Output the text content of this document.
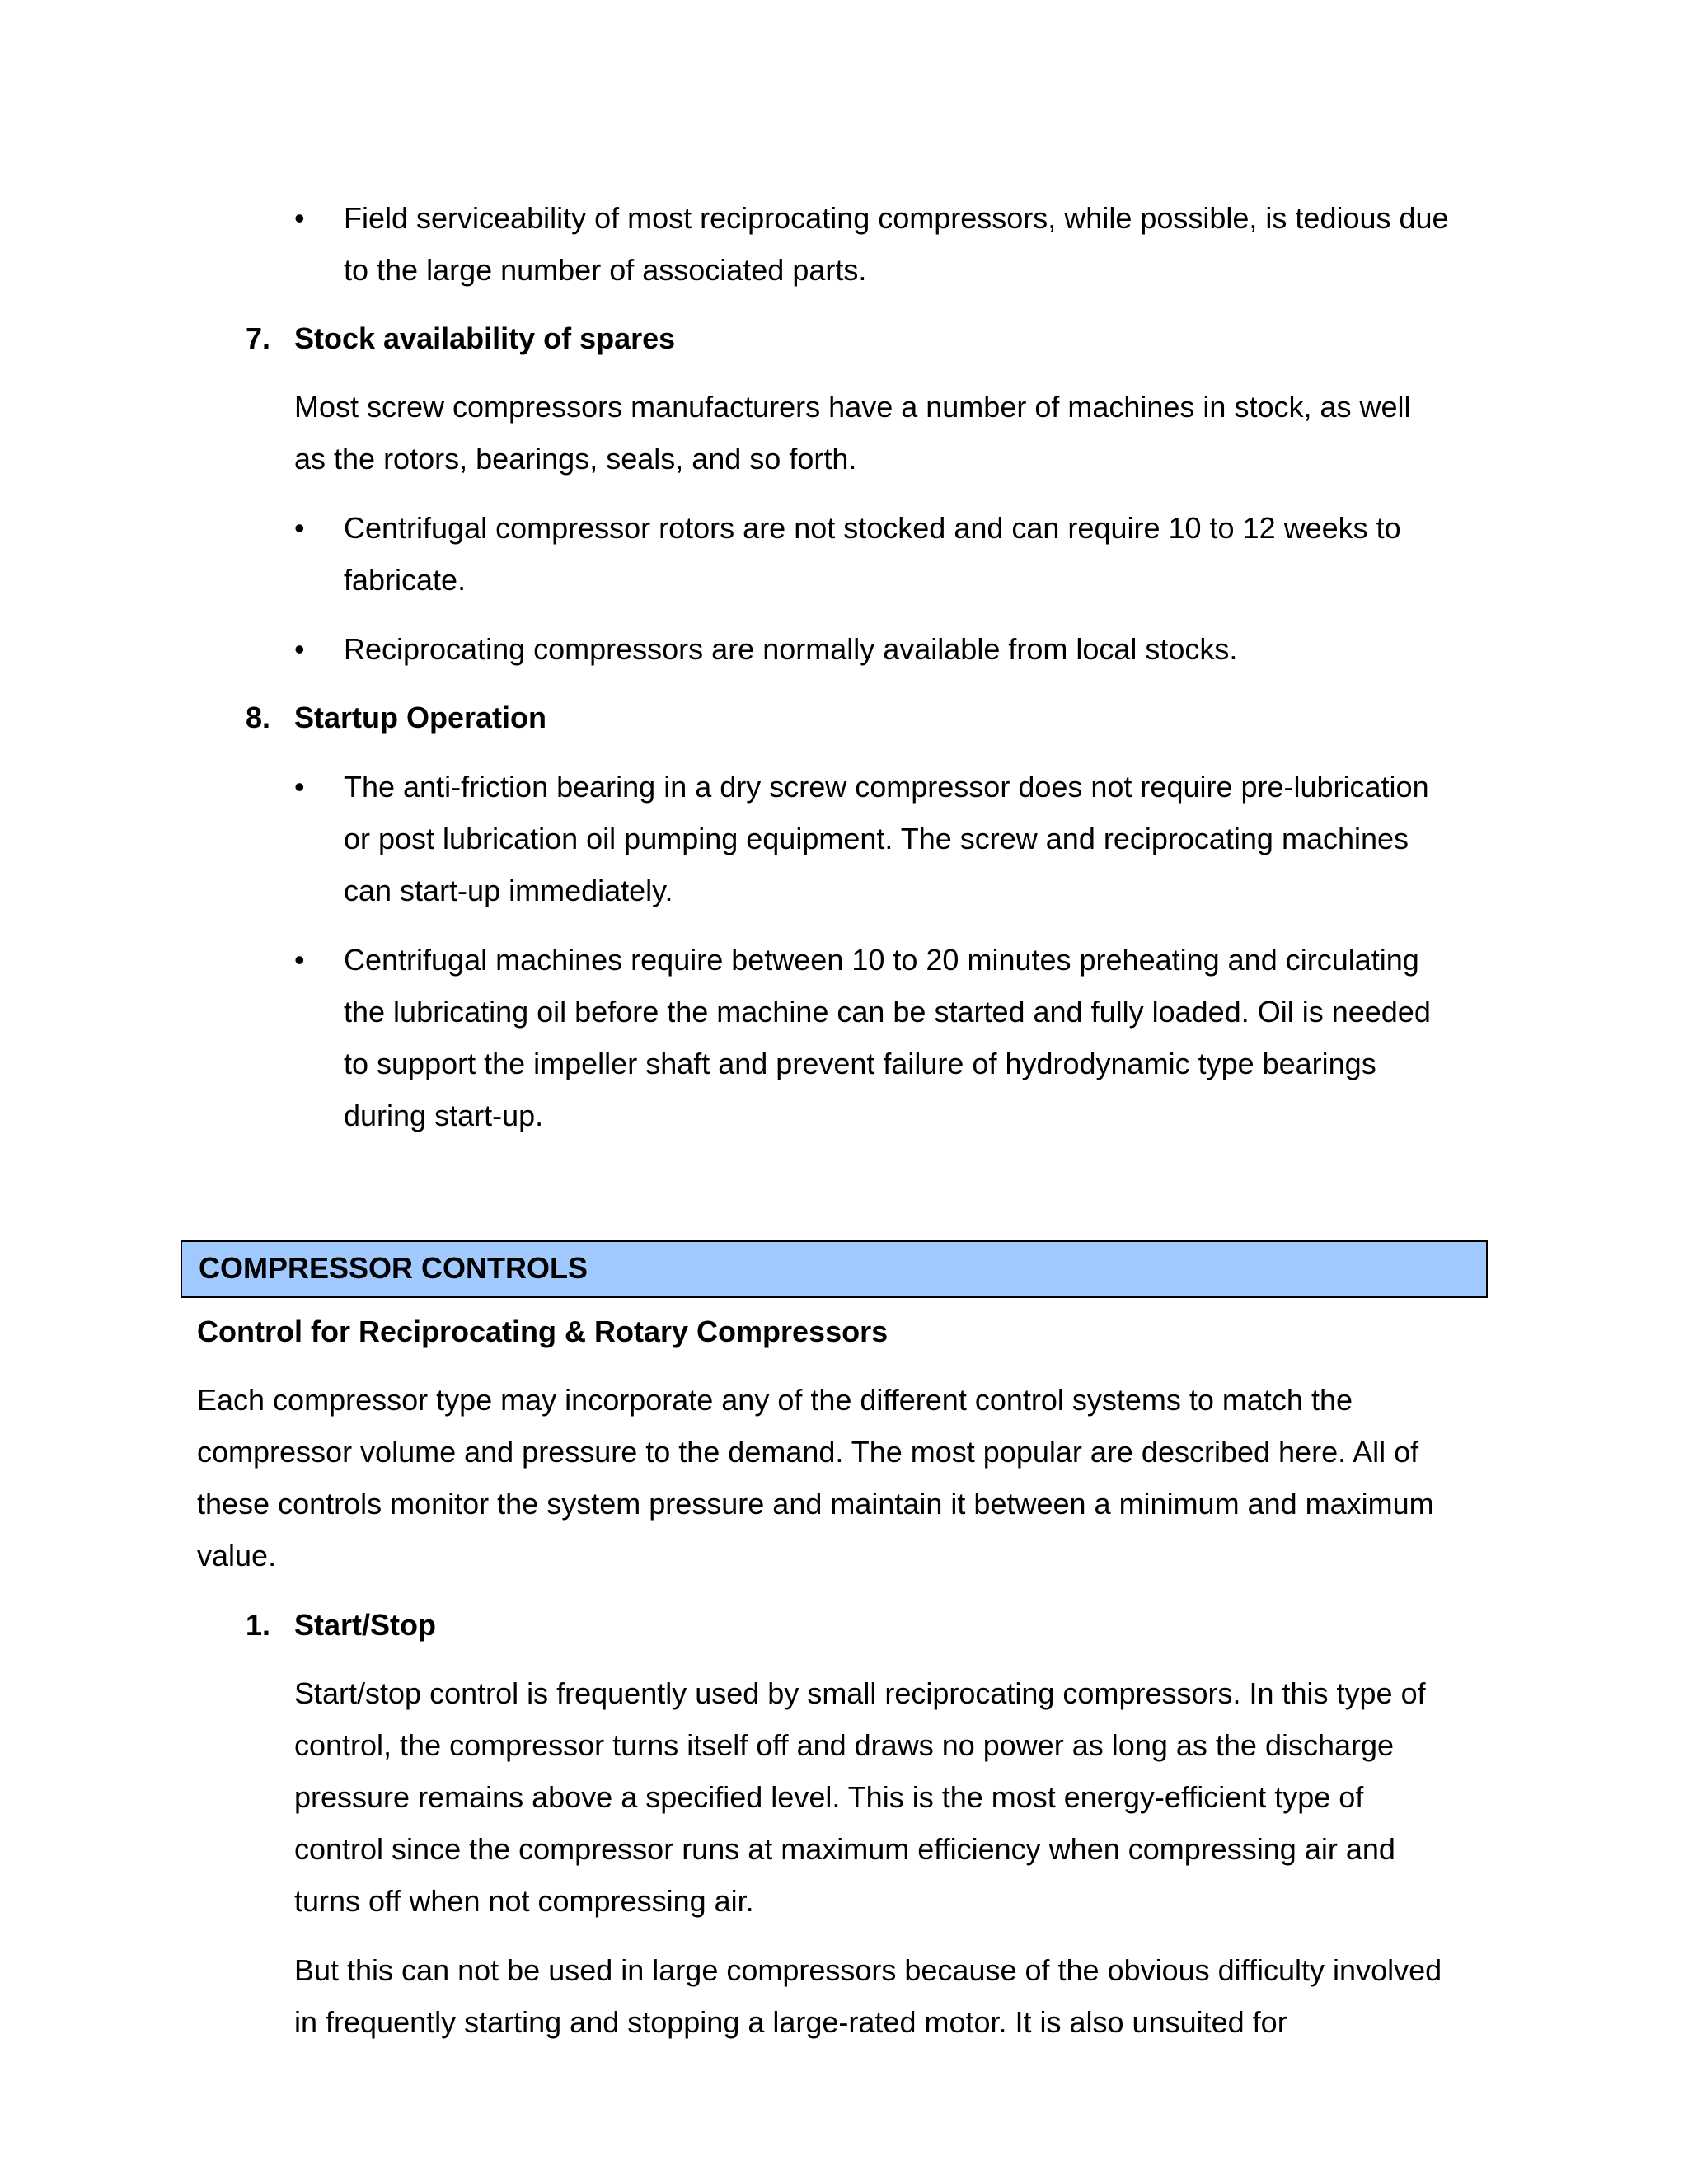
• Field serviceability of most reciprocating compressors, while possible, is tedious due
to the large number of associated parts.
7. Stock availability of spares
Most screw compressors manufacturers have a number of machines in stock, as well
as the rotors, bearings, seals, and so forth.
• Centrifugal compressor rotors are not stocked and can require 10 to 12 weeks to
fabricate.
• Reciprocating compressors are normally available from local stocks.
8. Startup Operation
• The anti-friction bearing in a dry screw compressor does not require pre-lubrication
or post lubrication oil pumping equipment. The screw and reciprocating machines
can start-up immediately.
• Centrifugal machines require between 10 to 20 minutes preheating and circulating
the lubricating oil before the machine can be started and fully loaded. Oil is needed
to support the impeller shaft and prevent failure of hydrodynamic type bearings
during start-up.
COMPRESSOR CONTROLS
Control for Reciprocating & Rotary Compressors
Each compressor type may incorporate any of the different control systems to match the
compressor volume and pressure to the demand. The most popular are described here. All of
these controls monitor the system pressure and maintain it between a minimum and maximum
value.
1. Start/Stop
Start/stop control is frequently used by small reciprocating compressors. In this type of
control, the compressor turns itself off and draws no power as long as the discharge
pressure remains above a specified level. This is the most energy-efficient type of
control since the compressor runs at maximum efficiency when compressing air and
turns off when not compressing air.
But this can not be used in large compressors because of the obvious difficulty involved
in frequently starting and stopping a large-rated motor. It is also unsuited for
